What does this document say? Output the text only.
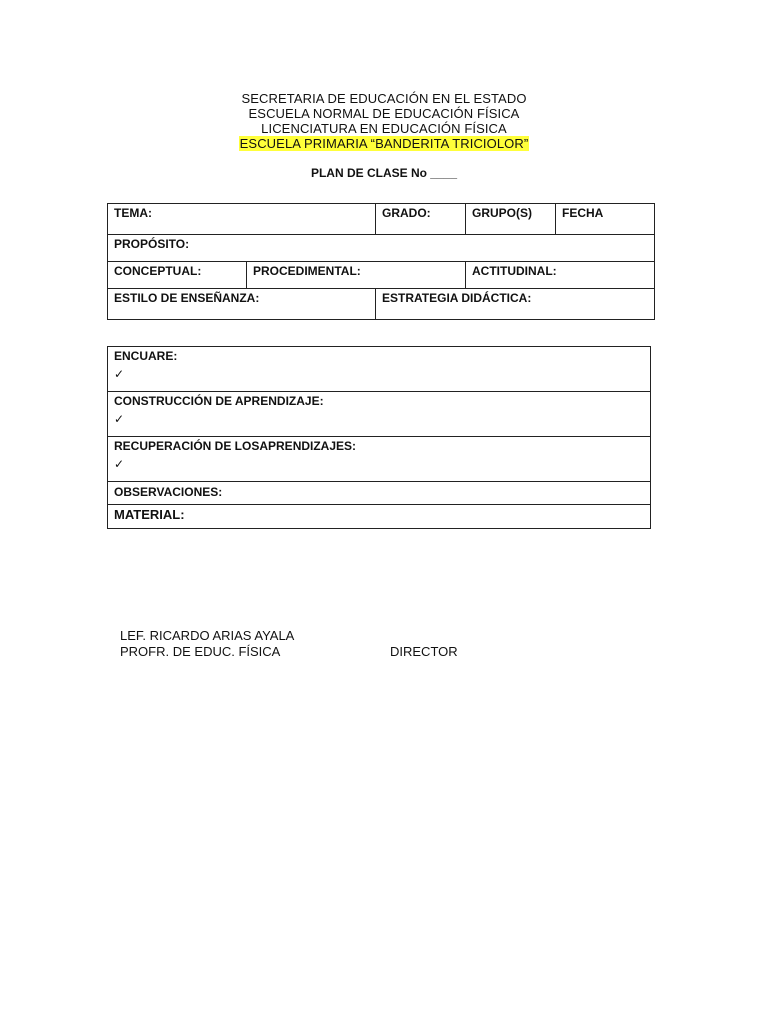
SECRETARIA DE EDUCACIÓN EN EL ESTADO
ESCUELA NORMAL DE EDUCACIÓN FÍSICA
LICENCIATURA EN EDUCACIÓN FÍSICA
ESCUELA PRIMARIA “BANDERITA TRICIOLOR”
PLAN DE CLASE No ____
TEMA:		GRADO:	GRUPO(S)	FECHA
PROPÓSITO:				
CONCEPTUAL:	PROCEDIMENTAL:		ACTITUDINAL:	
ESTILO DE ENSEÑANZA:		ESTRATEGIA DIDÁCTICA:		
ENCUARE:
✓

CONSTRUCCIÓN DE APRENDIZAJE:
✓

RECUPERACIÓN DE LOSAPRENDIZAJES:
✓

OBSERVACIONES:
MATERIAL:
LEF. RICARDO ARIAS AYALA
PROFR. DE EDUC. FÍSICA	DIRECTOR
